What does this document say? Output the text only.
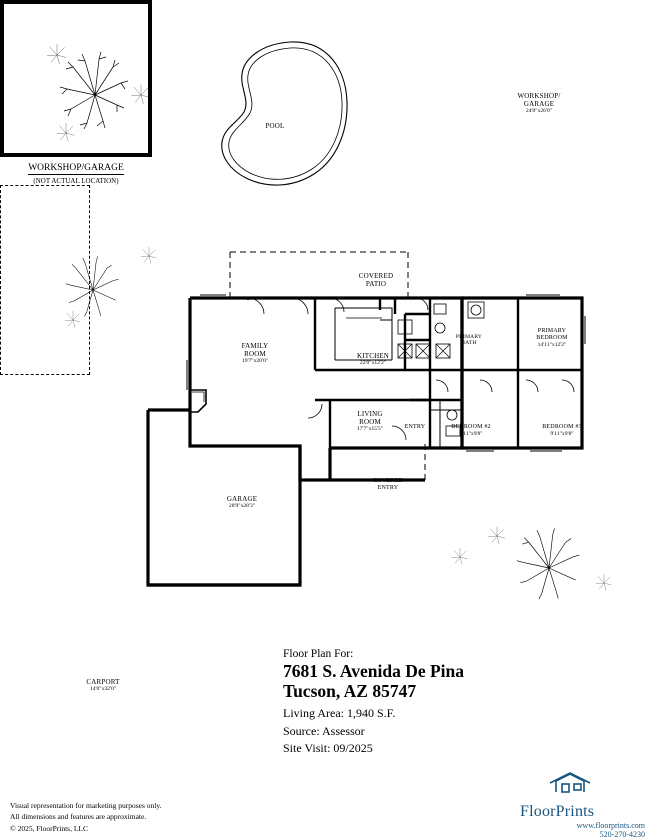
POOL
WORKSHOP/
GARAGE
24'0"x26'0"
WORKSHOP/GARAGE
(NOT ACTUAL LOCATION)
COVERED
PATIO
FAMILY
ROOM
19'7"x20'0"
KITCHEN
22'0"x12'2"
LIVING
ROOM
17'7"x15'5"
GARAGE
28'9"x28'3"
PRIMARY
BATH
PRIMARY
BEDROOM
14'11"x12'2"
BEDROOM #2
9'11"x9'8"
BEDROOM #3
9'11"x9'8"
ENTRY
COVERED
ENTRY
CARPORT
14'0"x32'0"
Floor Plan For:
7681 S. Avenida De Pina
Tucson, AZ 85747
Living Area: 1,940 S.F.
Source: Assessor
Site Visit: 09/2025
Visual representation for marketing purposes only.
All dimensions and features are approximate.
© 2025, FloorPrints, LLC
FloorPrints
www.floorprints.com
520-270-4230
